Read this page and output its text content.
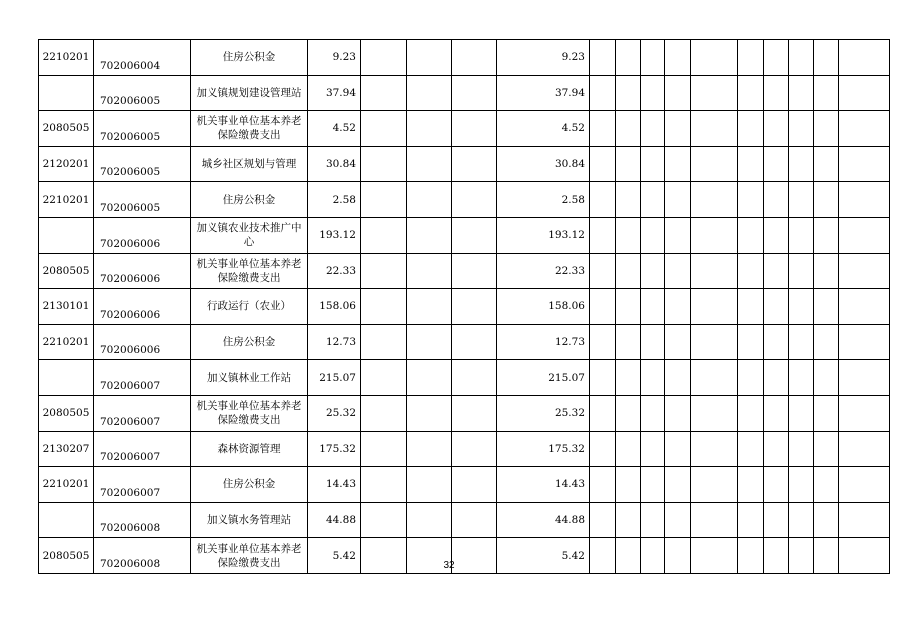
2210201	702006004	住房公积金	9.23				9.23										
	702006005	加义镇规划建设管理站	37.94				37.94										
2080505	702006005	机关事业单位基本养老保险缴费支出	4.52				4.52										
2120201	702006005	城乡社区规划与管理	30.84				30.84										
2210201	702006005	住房公积金	2.58				2.58										
	702006006	加义镇农业技术推广中心	193.12				193.12										
2080505	702006006	机关事业单位基本养老保险缴费支出	22.33				22.33										
2130101	702006006	行政运行（农业）	158.06				158.06										
2210201	702006006	住房公积金	12.73				12.73										
	702006007	加义镇林业工作站	215.07				215.07										
2080505	702006007	机关事业单位基本养老保险缴费支出	25.32				25.32										
2130207	702006007	森林资源管理	175.32				175.32										
2210201	702006007	住房公积金	14.43				14.43										
	702006008	加义镇水务管理站	44.88				44.88										
2080505	702006008	机关事业单位基本养老保险缴费支出	5.42				5.42										
32
